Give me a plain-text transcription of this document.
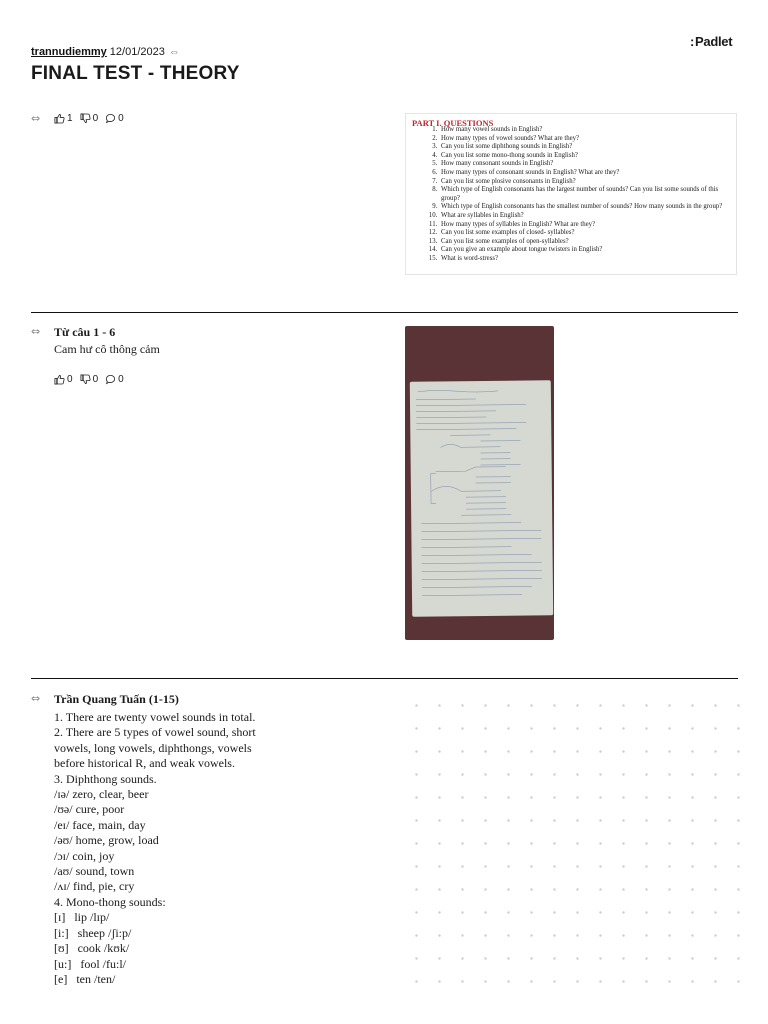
trannudiemmy 12/01/2023 ⇔
FINAL TEST - THEORY
:Padlet
⇔	1 0 0	PART I. QUESTIONS
1. How many vowel sounds in English?
2. How many types of vowel sounds? What are they?
3. Can you list some diphthong sounds in English?
4. Can you list some mono-thong sounds in English?
5. How many consonant sounds in English?
6. How many types of consonant sounds in English? What are they?
7. Can you list some plosive consonants in English?
8. Which type of English consonants has the largest number of sounds? Can you list some sounds of this group?
9. Which type of English consonants has the smallest number of sounds? How many sounds in the group?
10. What are syllables in English?
11. How many types of syllables in English? What are they?
12. Can you list some examples of closed- syllables?
13. Can you list some examples of open-syllables?
14. Can you give an example about tongue twisters in English?
15. What is word-stress?
⇔ Từ câu 1 - 6
Cam hư cô thông cảm
0 0 0
⇔ Trần Quang Tuấn (1-15)
1. There are twenty vowel sounds in total.
2. There are 5 types of vowel sound, short
vowels, long vowels, diphthongs, vowels
before historical R, and weak vowels.
3. Diphthong sounds.
/ɪə/ zero, clear, beer
/ʊə/ cure, poor
/eɪ/ face, main, day
/əʊ/ home, grow, load
/ɔɪ/ coin, joy
/aʊ/ sound, town
/ʌɪ/ find, pie, cry
4. Mono-thong sounds:
[ɪ]   lip /lɪp/
[i:]   sheep /ʃi:p/
[ʊ]   cook /kʊk/
[u:]   fool /fu:l/
[e]   ten /ten/
